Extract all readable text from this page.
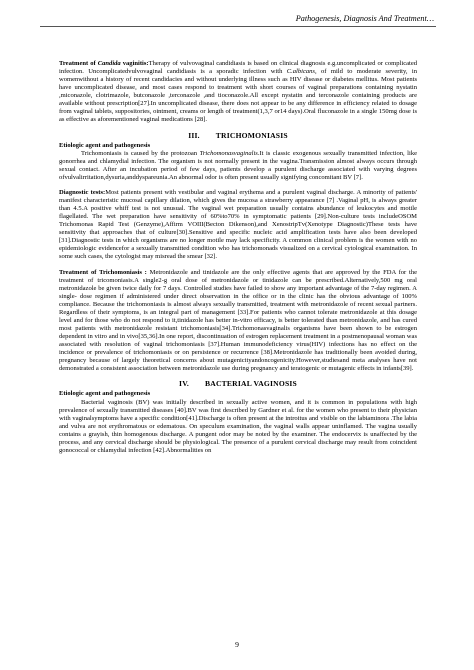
Pathogenesis, Diagnosis And Treatment…

Treatment of Candida vaginitis:Therapy of vulvovaginal candidiasis is based on clinical diagnosis e.g.uncomplicated or complicated infection. Uncomplicatedvulvovaginal candidiasis is a sporadic infection with C.albicans, of mild to moderate severity, in womenwithout a history of recent candidacies and without underlying illness such as HIV disease or diabetes mellitus. Most patients have uncomplicated disease, and most cases respond to treatment with short courses of vaginal preparations containing nystatin ,miconazole, clotrimazole, butconazole ,terconazole ,and tioconazole.All except nystatin and terconazole containing products are available without prescription[27].In uncomplicated disease, there does not appear to be any difference in efficiency related to dosage from vaginal tablets, suppositories, ointment, creams or length of treatment(1,3,7 or14 days).Oral fluconazole in a single 150mg dose is as effective as aforementioned vaginal medications [28].

III. TRICHOMONIASIS
Etiologic agent and pathogenesis

Trichomoniasis is caused by the protozoan Trichomonasvaginalis.It is classic exogenous sexually transmitted infection, like gonorrhea and chlamydial infection. The organism is not normally present in the vagina.Transmission almost always occurs through sexual contact. After an incubation period of few days, patients develop a purulent discharge associated with varying degrees ofvulvalirritation,dysuria,anddyspareunia.An abnormal odor is often present usually signifying concomitant BV [7].

Diagnostic tests:Most patients present with vestibular and vaginal erythema and a purulent vaginal discharge. A minority of patients' manifest characteristic mucosal capillary dilation, which gives the mucosa a strawberry appearance [7] .Vaginal pH, is always greater than 4.5.A positive whiff test is not unusual. The vaginal wet preparation usually contains abundance of leukocytes and motile flagellated. The wet preparation have sensitivity of 60%to70% in symptomatic patients [29].Non-culture tests includeOSOM Trichomonas Rapid Test (Genzyme),Affirm VOIII(Becton Dikenson),and XenostripTv(Xenotype Diagnostic)These tests have sensitivity that approaches that of culture[30].Sensitive and specific nucleic acid amplification tests have also been developed [31].Diagnostic tests in which organisms are no longer motile may lack specificity. A common clinical problem is the women with no epidemiologic evidencefor a sexually transmitted condition who has trichomonads visualized on a cervical cytological examination. In some such cases, the cytologist may misread the smear [32].

Treatment of Trichomoniasis : Metronidazole and tinidazole are the only effective agents that are approved by the FDA for the treatment of tricomoniasis.A single2-g oral dose of metronidazole or tinidazole can be prescribed.Alternatively,500 mg oral metronidazole be given twice daily for 7 days. Controlled studies have failed to show any important advantage of the 7-day regimen. A single- dose regimen if administered under direct observation in the office or in the clinic has the obvious advantage of 100% compliance. Because the trichomoniasis is almost always sexually transmitted, treatment with metronidazole of recent sexual partners. Regardless of their symptoms, is an integral part of management [33].For patients who cannot tolerate metronidazole at this dosage level and for those who do not respond to it,tinidazole has better in-vitro efficacy, is better tolerated than metronidazole, and has cured most patients with metronidazole resistant trichomoniasis[34].Trichomonasvaginalis organisms have been shown to be estrogen dependent in vitro and in vivo[35,36].In one report, discontinuation of estrogen replacement treatment in a postmenopausal woman was associated with resolution of vaginal trichomoniasis [37].Human immunodeficiency virus(HIV) infections has no effect on the incidence or prevalence of trichomoniasis or on persistence or recurrence [38].Metronidazole has traditionally been avoided during, pregnancy because of largely theoretical concerns about mutagenicityandoncogenicity.However,studiesand meta analyses have not demonstrated a consistent association between metronidazole use during pregnancy and teratogenic or mutagenic effects in infants[39].

IV. BACTERIAL VAGINOSIS
Etiologic agent and pathogenesis

Bacterial vaginosis (BV) was initially described in sexually active women, and it is common in populations with high prevalence of sexually transmitted diseases [40].BV was first described by Gardner et al. for the women who present to their physician with vaginalsymptoms have a specific condition[41].Discharge is often present at the introitus and visible on the labiaminora .The labia and vulva are not erythromatous or edematous. On speculum examination, the vaginal walls appear uninflamed. The vagina usually contains a grayish, thin homogenous discharge. A pungent odor may be noted by the examiner. The endocervix is unaffected by the process, and any cervical discharge should be physiological. The presence of a purulent cervical discharge may result from coincident gonococcal or chlamydial infection [42].Abnormalities on

9
